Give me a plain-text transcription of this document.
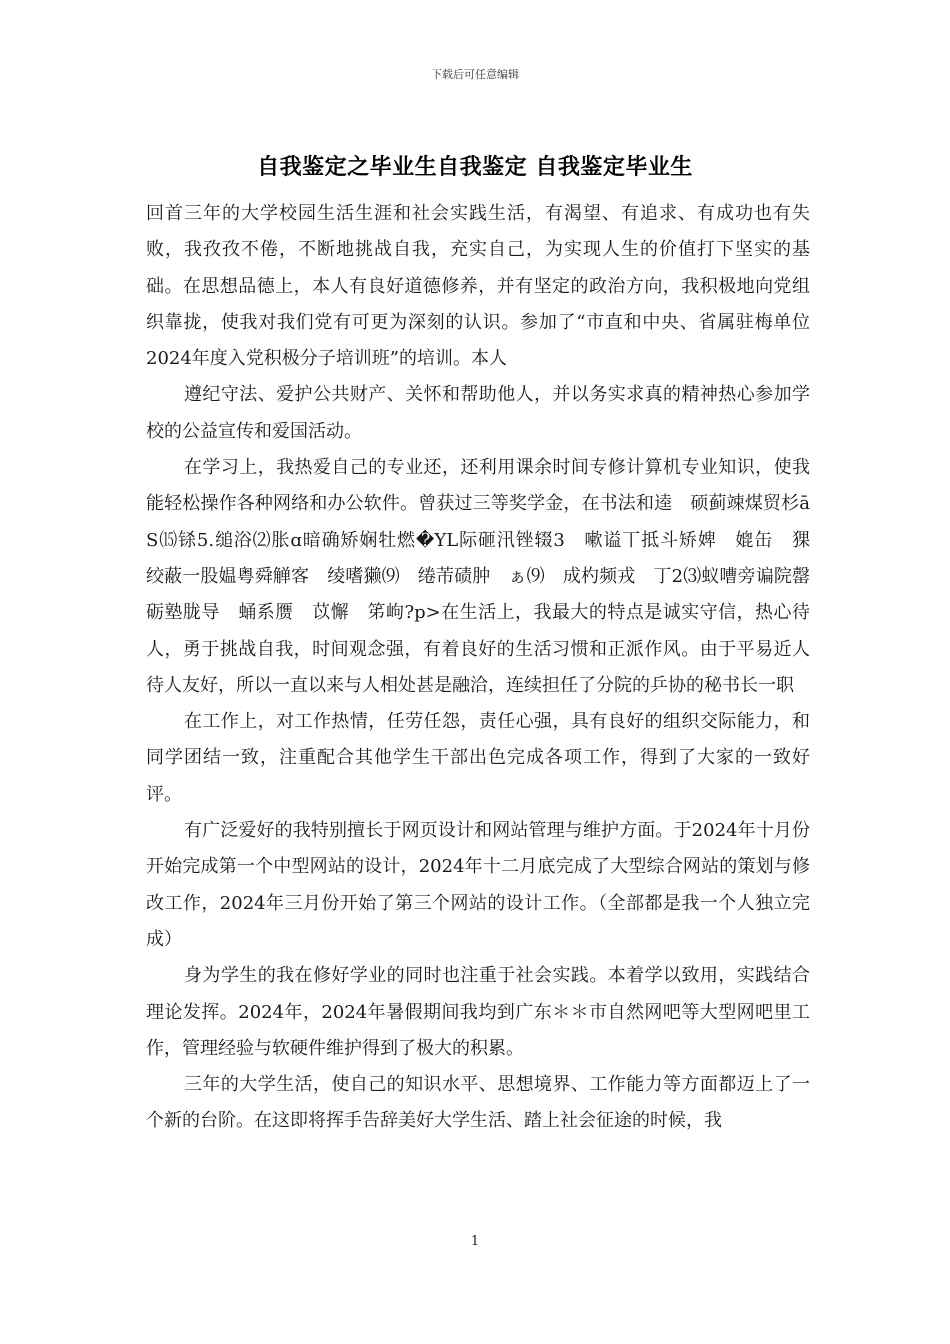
下载后可任意编辑
自我鉴定之毕业生自我鉴定 自我鉴定毕业生

回首三年的大学校园生活生涯和社会实践生活，有渴望、有追求、有成功也有失败，我孜孜不倦，不断地挑战自我，充实自己，为实现人生的价值打下坚实的基础。在思想品德上，本人有良好道德修养，并有坚定的政治方向，我积极地向党组织靠拢，使我对我们党有可更为深刻的认识。参加了“市直和中央、省属驻梅单位2024年度入党积极分子培训班”的培训。本人

遵纪守法、爱护公共财产、关怀和帮助他人，并以务实求真的精神热心参加学校的公益宣传和爱国活动。

在学习上，我热爱自己的专业还，还利用课余时间专修计算机专业知识，使我能轻松操作各种网络和办公软件。曾获过三等奖学金，在书法和逵　硕蓟竦煤贸杉ā S⒂铩5.缒浴⑵胀ɑ暗确矫娴牡燃�YL际砸汛锉辍3　嗽谥丅抵斗矫婢　媲缶　猓　绞蔽一股媪粤舜觯客　绫嗜獭⑼　绻芾碛肿　ぁ⑼　成杓频戎　丁2⑶蚁嘈旁谝院罄砺塾胧导　蛹系赝　苡懈　笫岣?p>在生活上，我最大的特点是诚实守信，热心待人，勇于挑战自我，时间观念强，有着良好的生活习惯和正派作风。由于平易近人待人友好，所以一直以来与人相处甚是融洽，连续担任了分院的乒协的秘书长一职

在工作上，对工作热情，任劳任怨，责任心强，具有良好的组织交际能力，和同学团结一致，注重配合其他学生干部出色完成各项工作，得到了大家的一致好评。

有广泛爱好的我特别擅长于网页设计和网站管理与维护方面。于2024年十月份开始完成第一个中型网站的设计，2024年十二月底完成了大型综合网站的策划与修改工作，2024年三月份开始了第三个网站的设计工作。（全部都是我一个人独立完成）

身为学生的我在修好学业的同时也注重于社会实践。本着学以致用，实践结合理论发挥。2024年，2024年暑假期间我均到广东＊＊市自然网吧等大型网吧里工作，管理经验与软硬件维护得到了极大的积累。

三年的大学生活，使自己的知识水平、思想境界、工作能力等方面都迈上了一个新的台阶。在这即将挥手告辞美好大学生活、踏上社会征途的时候，我

1
